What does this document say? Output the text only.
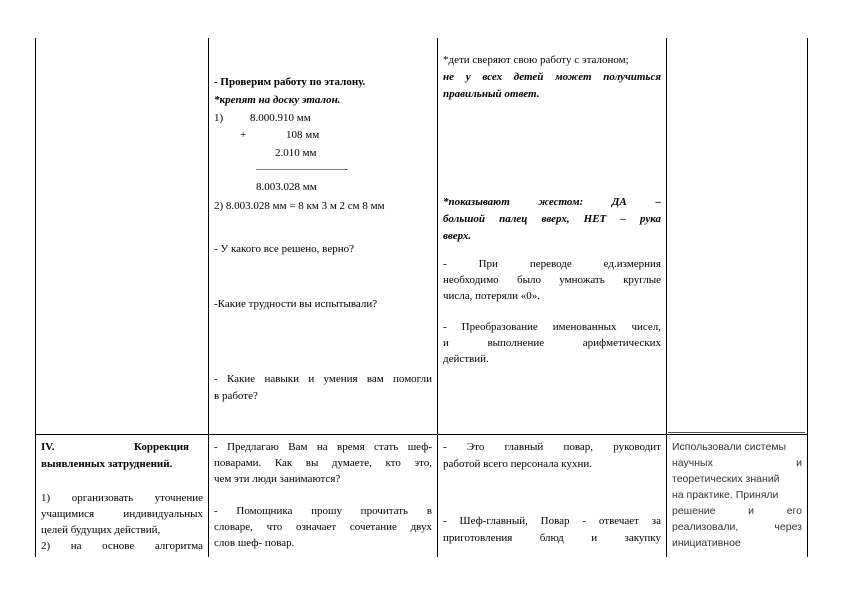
- Проверим работу по эталону.
*крепят на доску эталон.
1) 8.000.910 мм
+	108 мм
2.010 мм
————————-
8.003.028 мм
2) 8.003.028 мм = 8 км 3 м 2 см 8 мм
- У какого все решено, верно?
-Какие трудности вы испытывали?
- Какие навыки и умения вам помогли
в работе?
*дети сверяют свою работу с эталоном;
не у всех детей может получиться
правильный ответ.
*показывают жестом: ДА –
большой палец вверх, НЕТ – рука
вверх.
- При переводе ед.измерния
необходимо было умножать круглые
числа, потеряли «0».
- Преобразование именованных чисел,
и выполнение арифметических
действий.
IV.	Коррекция
выявленных затруднений.
1) организовать уточнение
учащимися индивидуальных
целей будущих действий,
2) на основе алгоритма
- Предлагаю Вам на время стать шеф-
поварами. Как вы думаете, кто это,
чем эти люди занимаются?
- Помощника прошу прочитать в
словаре, что означает сочетание двух
слов шеф- повар.
- Это главный повар, руководит
работой всего персонала кухни.
- Шеф-главный, Повар - отвечает за
приготовления блюд и закупку
Использовали системы
научных и
теоретических знаний
на практике. Приняли
решение и его
реализовали, через
инициативное
